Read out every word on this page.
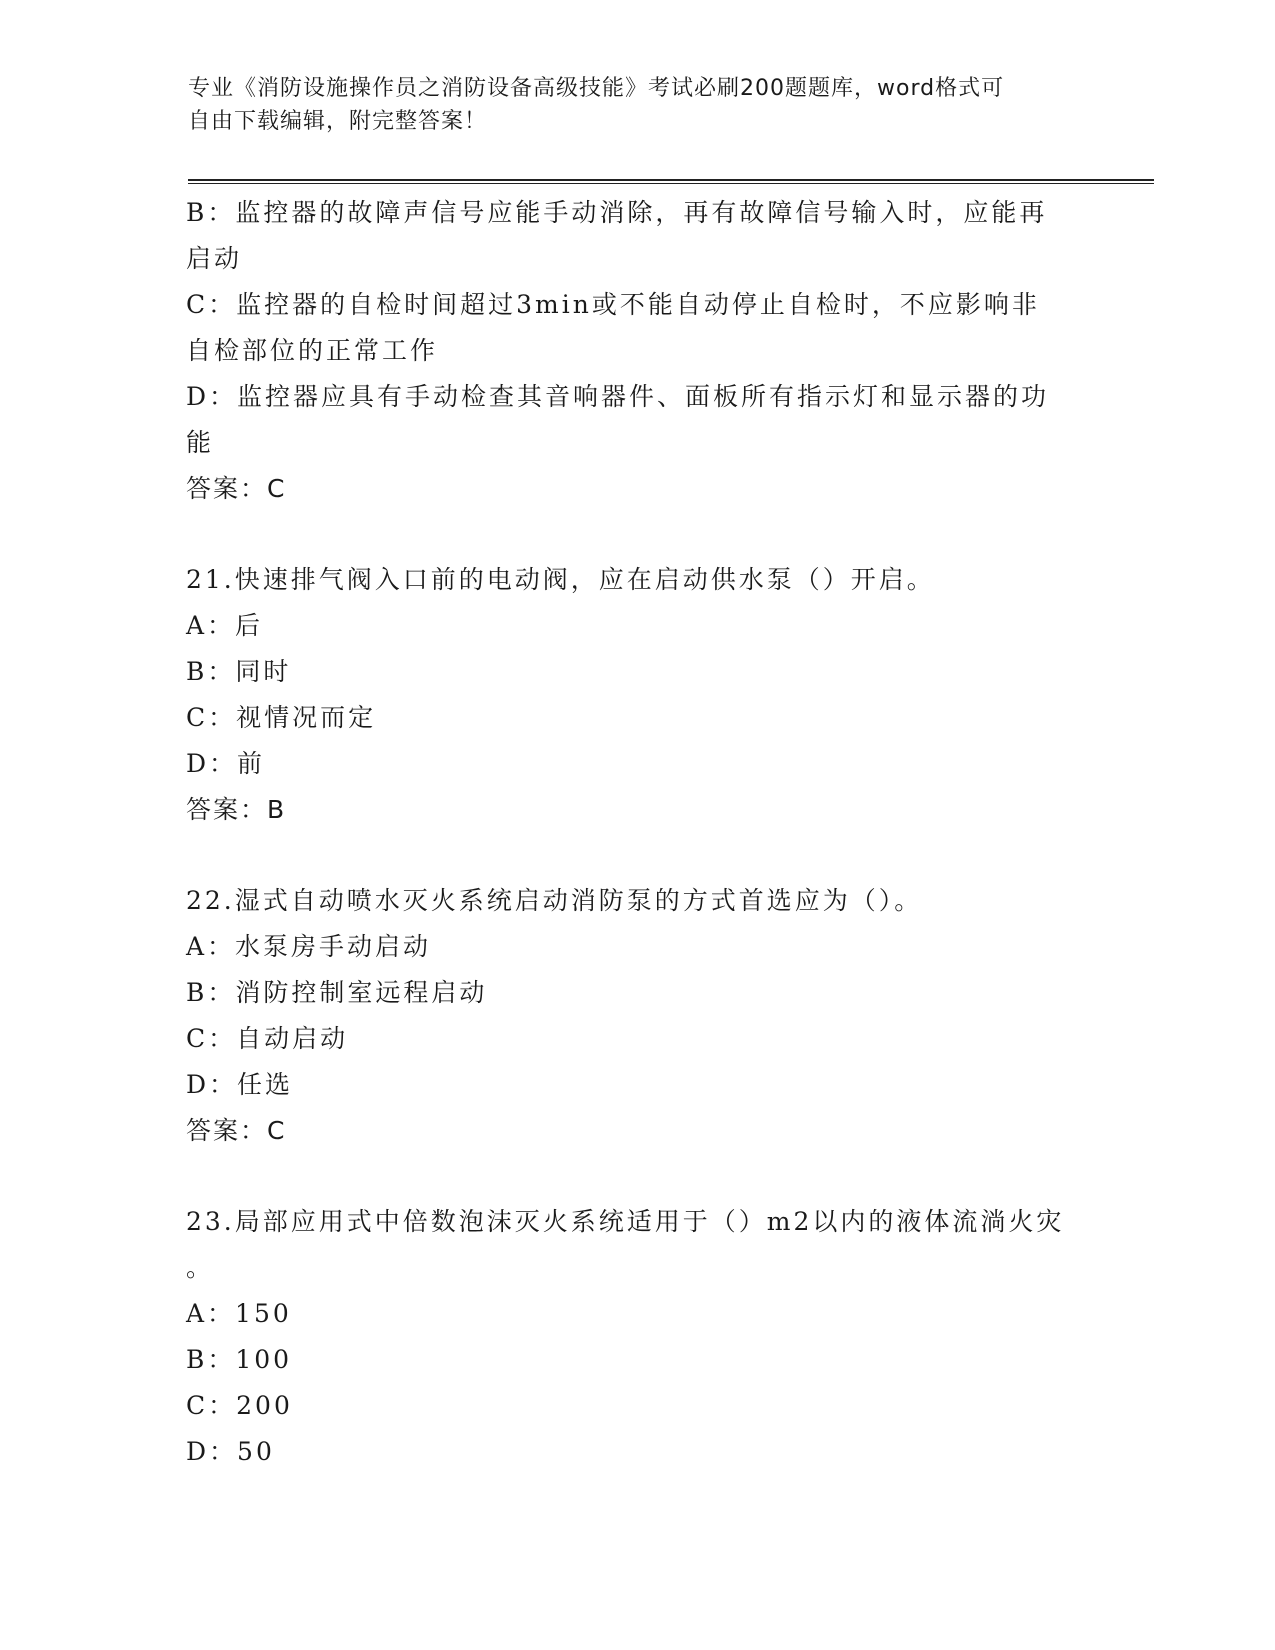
专业《消防设施操作员之消防设备高级技能》考试必刷200题题库，word格式可
自由下载编辑，附完整答案！
B：监控器的故障声信号应能手动消除，再有故障信号输入时，应能再
启动
C：监控器的自检时间超过3min或不能自动停止自检时，不应影响非
自检部位的正常工作
D：监控器应具有手动检查其音响器件、面板所有指示灯和显示器的功
能
答案：C
21.快速排气阀入口前的电动阀，应在启动供水泵（）开启。
A：后
B：同时
C：视情况而定
D：前
答案：B
22.湿式自动喷水灭火系统启动消防泵的方式首选应为（）。
A：水泵房手动启动
B：消防控制室远程启动
C：自动启动
D：任选
答案：C
23.局部应用式中倍数泡沫灭火系统适用于（）m2以内的液体流淌火灾
。
A：150
B：100
C：200
D：50
